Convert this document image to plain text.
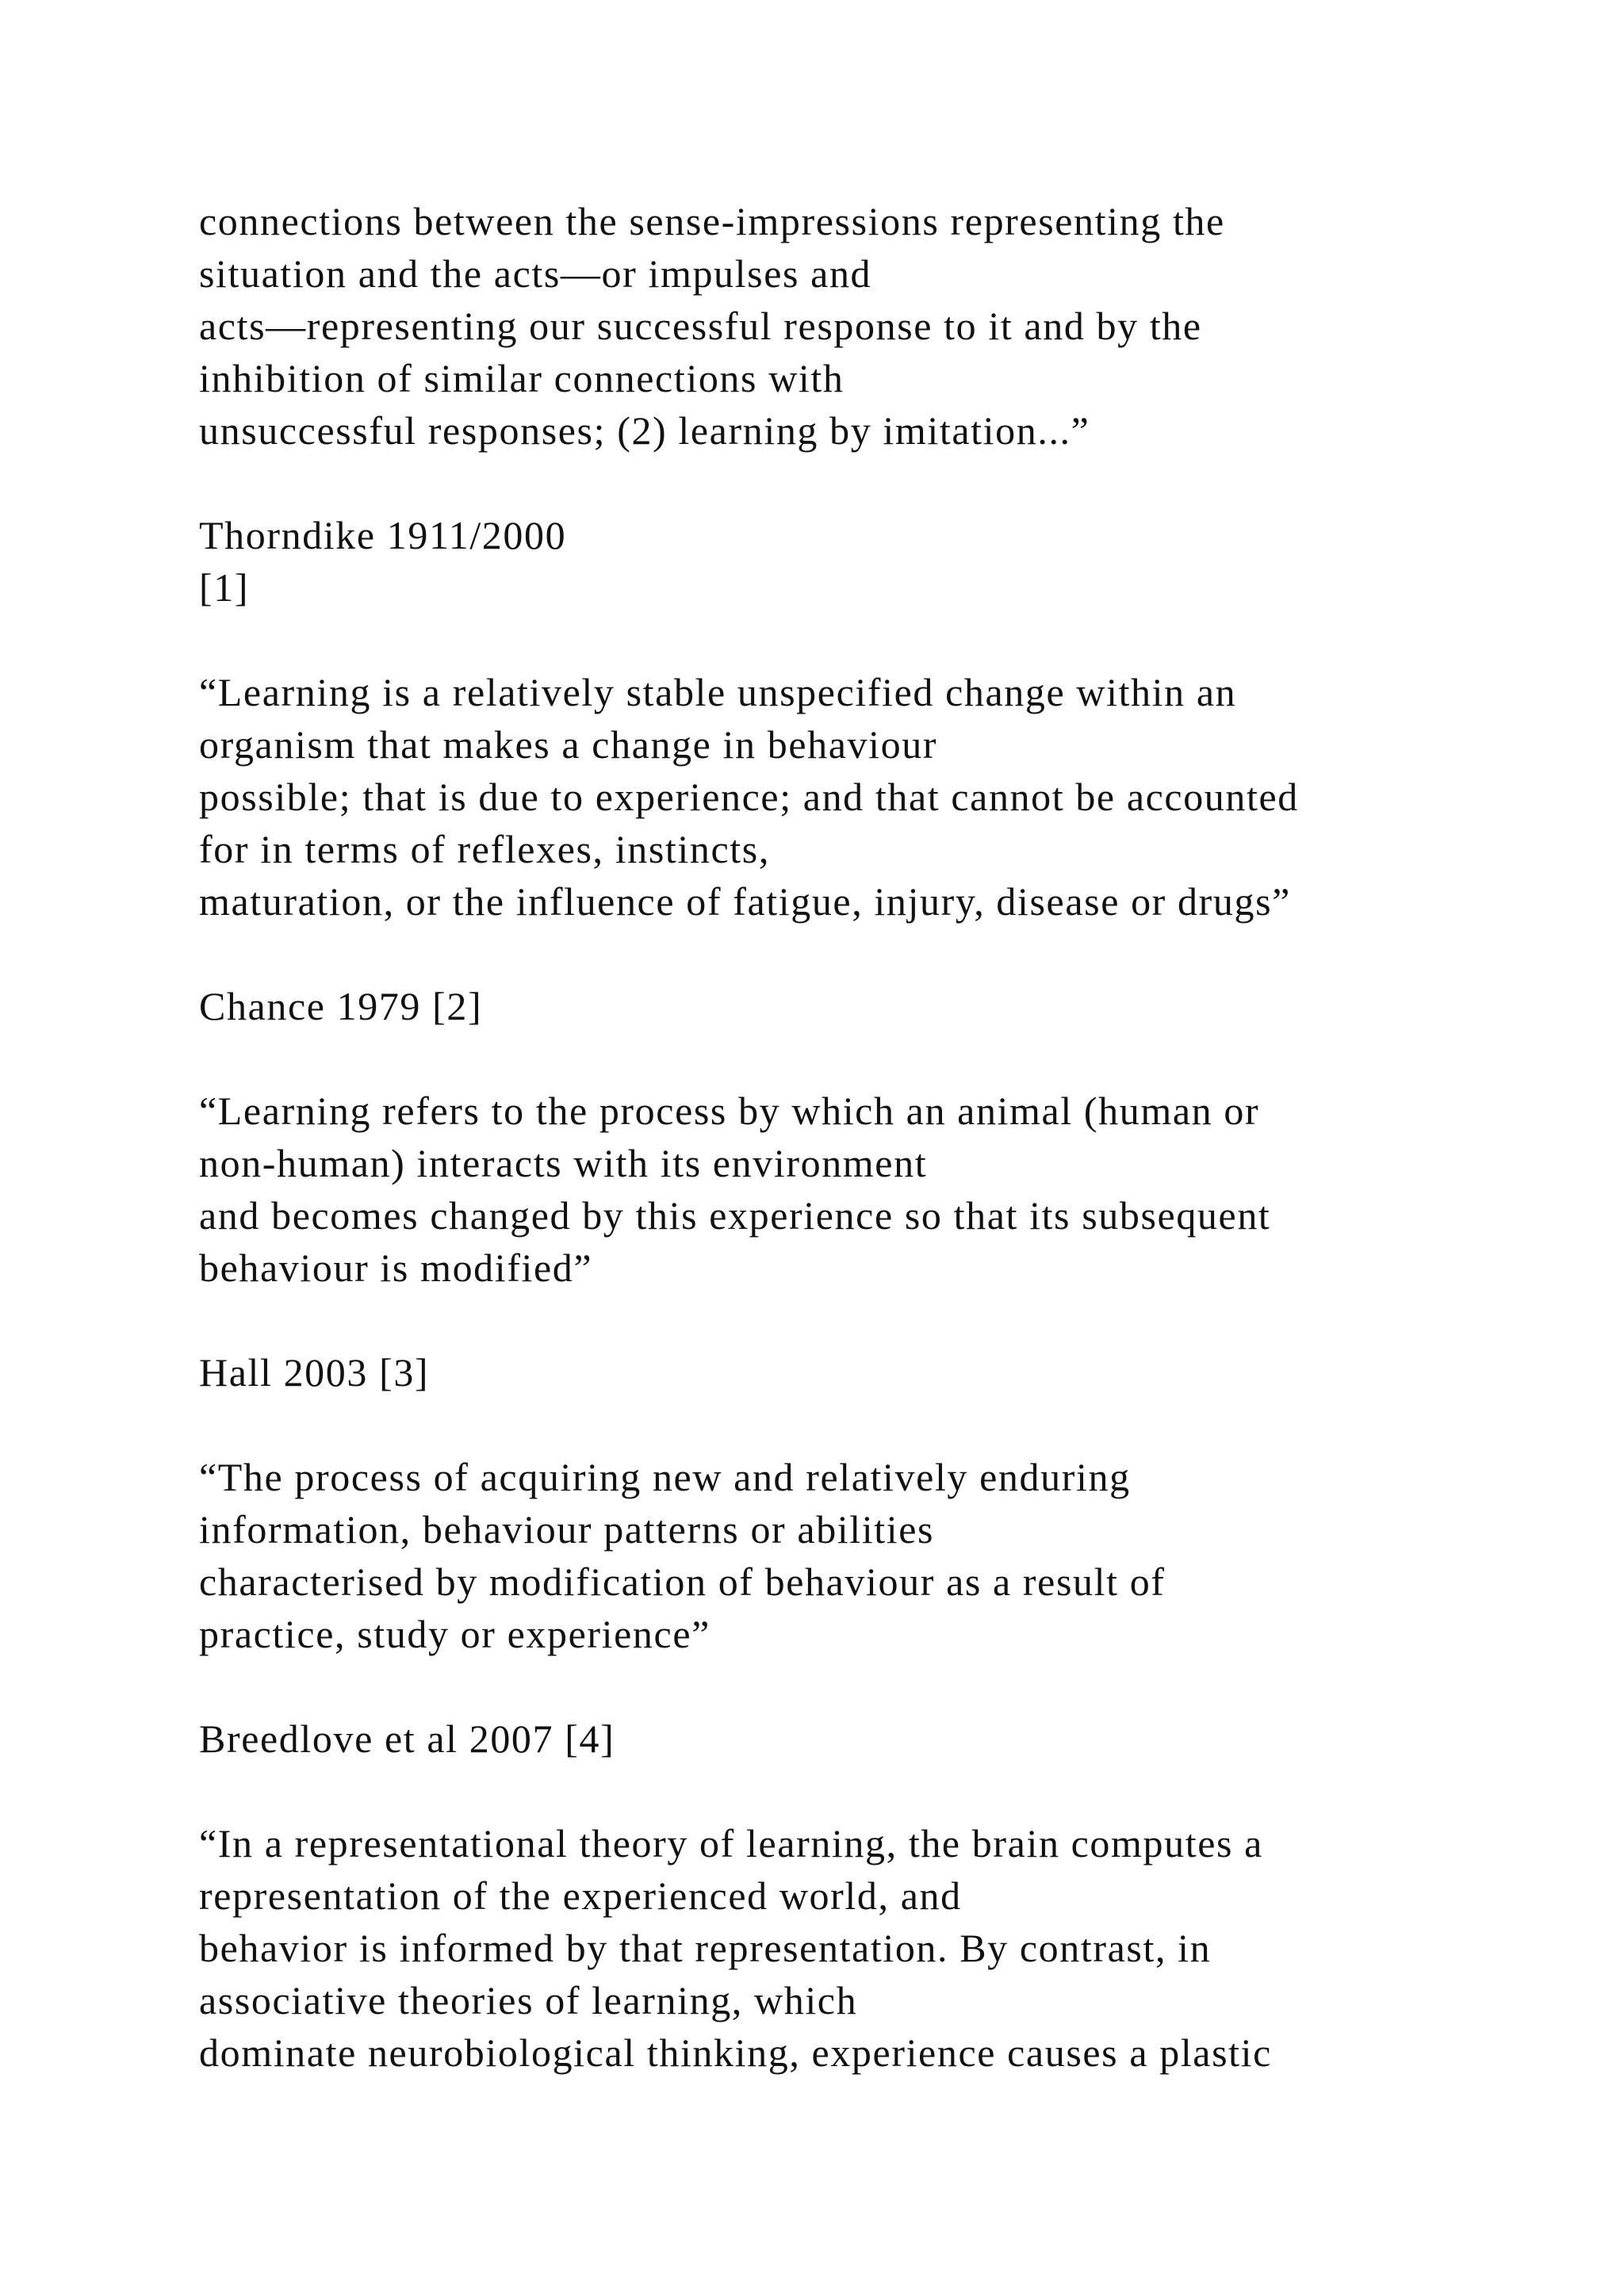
connections between the sense-impressions representing the
situation and the acts—or impulses and
acts—representing our successful response to it and by the
inhibition of similar connections with
unsuccessful responses; (2) learning by imitation...”
Thorndike 1911/2000
[1]
“Learning is a relatively stable unspecified change within an
organism that makes a change in behaviour
possible; that is due to experience; and that cannot be accounted
for in terms of reflexes, instincts,
maturation, or the influence of fatigue, injury, disease or drugs”
Chance 1979 [2]
“Learning refers to the process by which an animal (human or
non-human) interacts with its environment
and becomes changed by this experience so that its subsequent
behaviour is modified”
Hall 2003 [3]
“The process of acquiring new and relatively enduring
information, behaviour patterns or abilities
characterised by modification of behaviour as a result of
practice, study or experience”
Breedlove et al 2007 [4]
“In a representational theory of learning, the brain computes a
representation of the experienced world, and
behavior is informed by that representation. By contrast, in
associative theories of learning, which
dominate neurobiological thinking, experience causes a plastic
